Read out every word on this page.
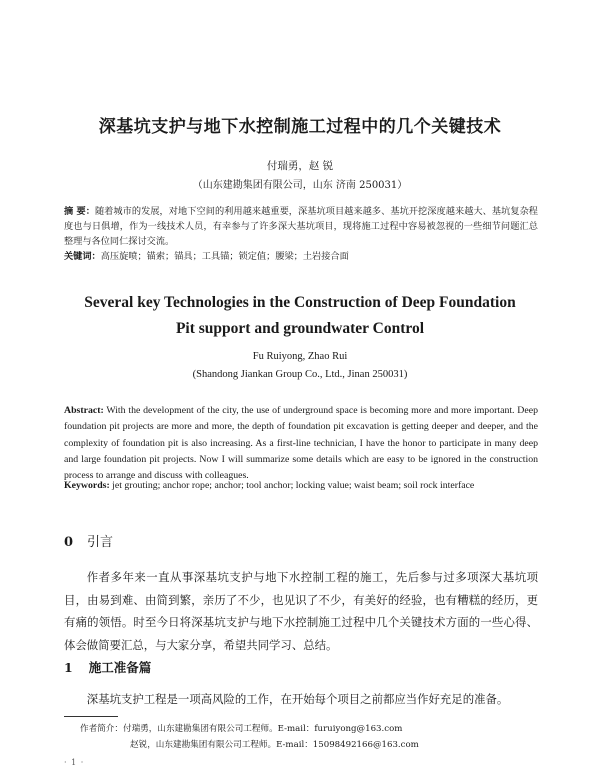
深基坑支护与地下水控制施工过程中的几个关键技术
付瑞勇，赵 锐
（山东建勘集团有限公司，山东 济南 250031）
摘 要：随着城市的发展，对地下空间的利用越来越重要，深基坑项目越来越多、基坑开挖深度越来越大、基坑复杂程度也与日俱增，作为一线技术人员，有幸参与了许多深大基坑项目，现将施工过程中容易被忽视的一些细节问题汇总整理与各位同仁探讨交流。
关键词：高压旋喷；锚索；锚具；工具锚；锁定值；腰梁；土岩接合面
Several key Technologies in the Construction of Deep Foundation
Pit support and groundwater Control
Fu Ruiyong, Zhao Rui
(Shandong Jiankan Group Co., Ltd., Jinan 250031)
Abstract: With the development of the city, the use of underground space is becoming more and more important. Deep foundation pit projects are more and more, the depth of foundation pit excavation is getting deeper and deeper, and the complexity of foundation pit is also increasing. As a first-line technician, I have the honor to participate in many deep and large foundation pit projects. Now I will summarize some details which are easy to be ignored in the construction process to arrange and discuss with colleagues.
Keywords: jet grouting; anchor rope; anchor; tool anchor; locking value; waist beam; soil rock interface
0 引言
作者多年来一直从事深基坑支护与地下水控制工程的施工，先后参与过多项深大基坑项目，由易到难、由简到繁，亲历了不少，也见识了不少，有美好的经验，也有糟糕的经历，更有痛的领悟。时至今日将深基坑支护与地下水控制施工过程中几个关键技术方面的一些心得、体会做简要汇总，与大家分享，希望共同学习、总结。
1 施工准备篇
深基坑支护工程是一项高风险的工作，在开始每个项目之前都应当作好充足的准备。
作者简介：付瑞勇，山东建勘集团有限公司工程师。E-mail：furuiyong@163.com
赵锐，山东建勘集团有限公司工程师。E-mail：15098492166@163.com
· 1 ·
